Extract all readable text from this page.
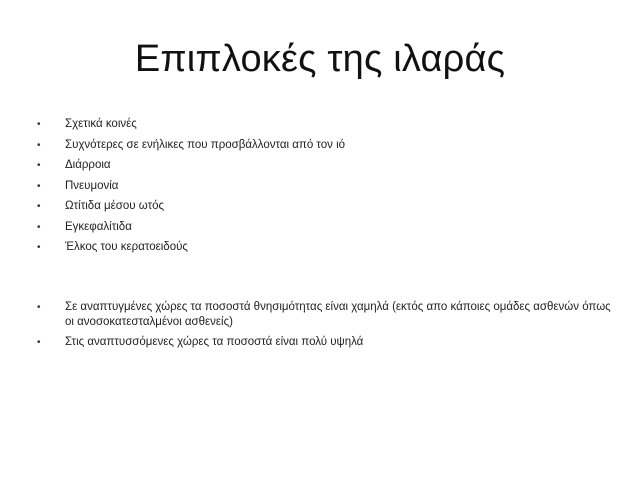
Επιπλοκές της ιλαράς
• Σχετικά κοινές
• Συχνότερες σε ενήλικες που προσβάλλονται από τον ιό
• Διάρροια
• Πνευμονία
• Ωτίτιδα μέσου ωτός
• Εγκεφαλίτιδα
• Έλκος του κερατοειδούς
• Σε αναπτυγμένες χώρες τα ποσοστά θνησιμότητας είναι χαμηλά (εκτός απο κάποιες ομάδες ασθενών όπως οι ανοσοκατεσταλμένοι ασθενείς)
• Στις αναπτυσσόμενες χώρες τα ποσοστά είναι πολύ υψηλά
